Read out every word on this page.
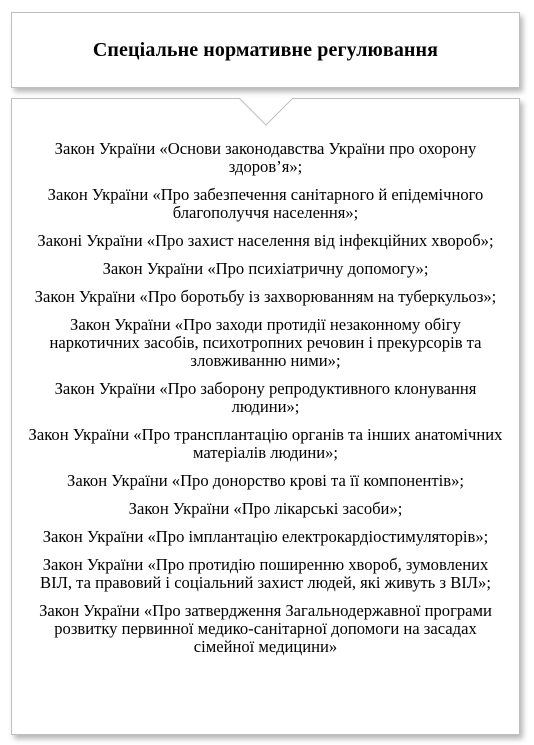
Спеціальне нормативне регулювання
Закон України «Основи законодавства України про охорону здоров’я»;
Закон України «Про забезпечення санітарного й епідемічного благополуччя населення»;
Законі України «Про захист населення від інфекційних хвороб»;
Закон України «Про психіатричну допомогу»;
Закон України «Про боротьбу із захворюванням на туберкульоз»;
Закон України «Про заходи протидії незаконному обігу наркотичних засобів, психотропних речовин і прекурсорів та зловживанню ними»;
Закон України «Про заборону репродуктивного клонування людини»;
Закон України «Про трансплантацію органів та інших анатомічних матеріалів людини»;
Закон України «Про донорство крові та її компонентів»;
Закон України «Про лікарські засоби»;
Закон України «Про імплантацію електрокардіостимуляторів»;
Закон України «Про протидію поширенню хвороб, зумовлених ВІЛ, та правовий і соціальний захист людей, які живуть з ВІЛ»;
Закон України «Про затвердження Загальнодержавної програми розвитку первинної медико-санітарної допомоги на засадах сімейної медицини»
